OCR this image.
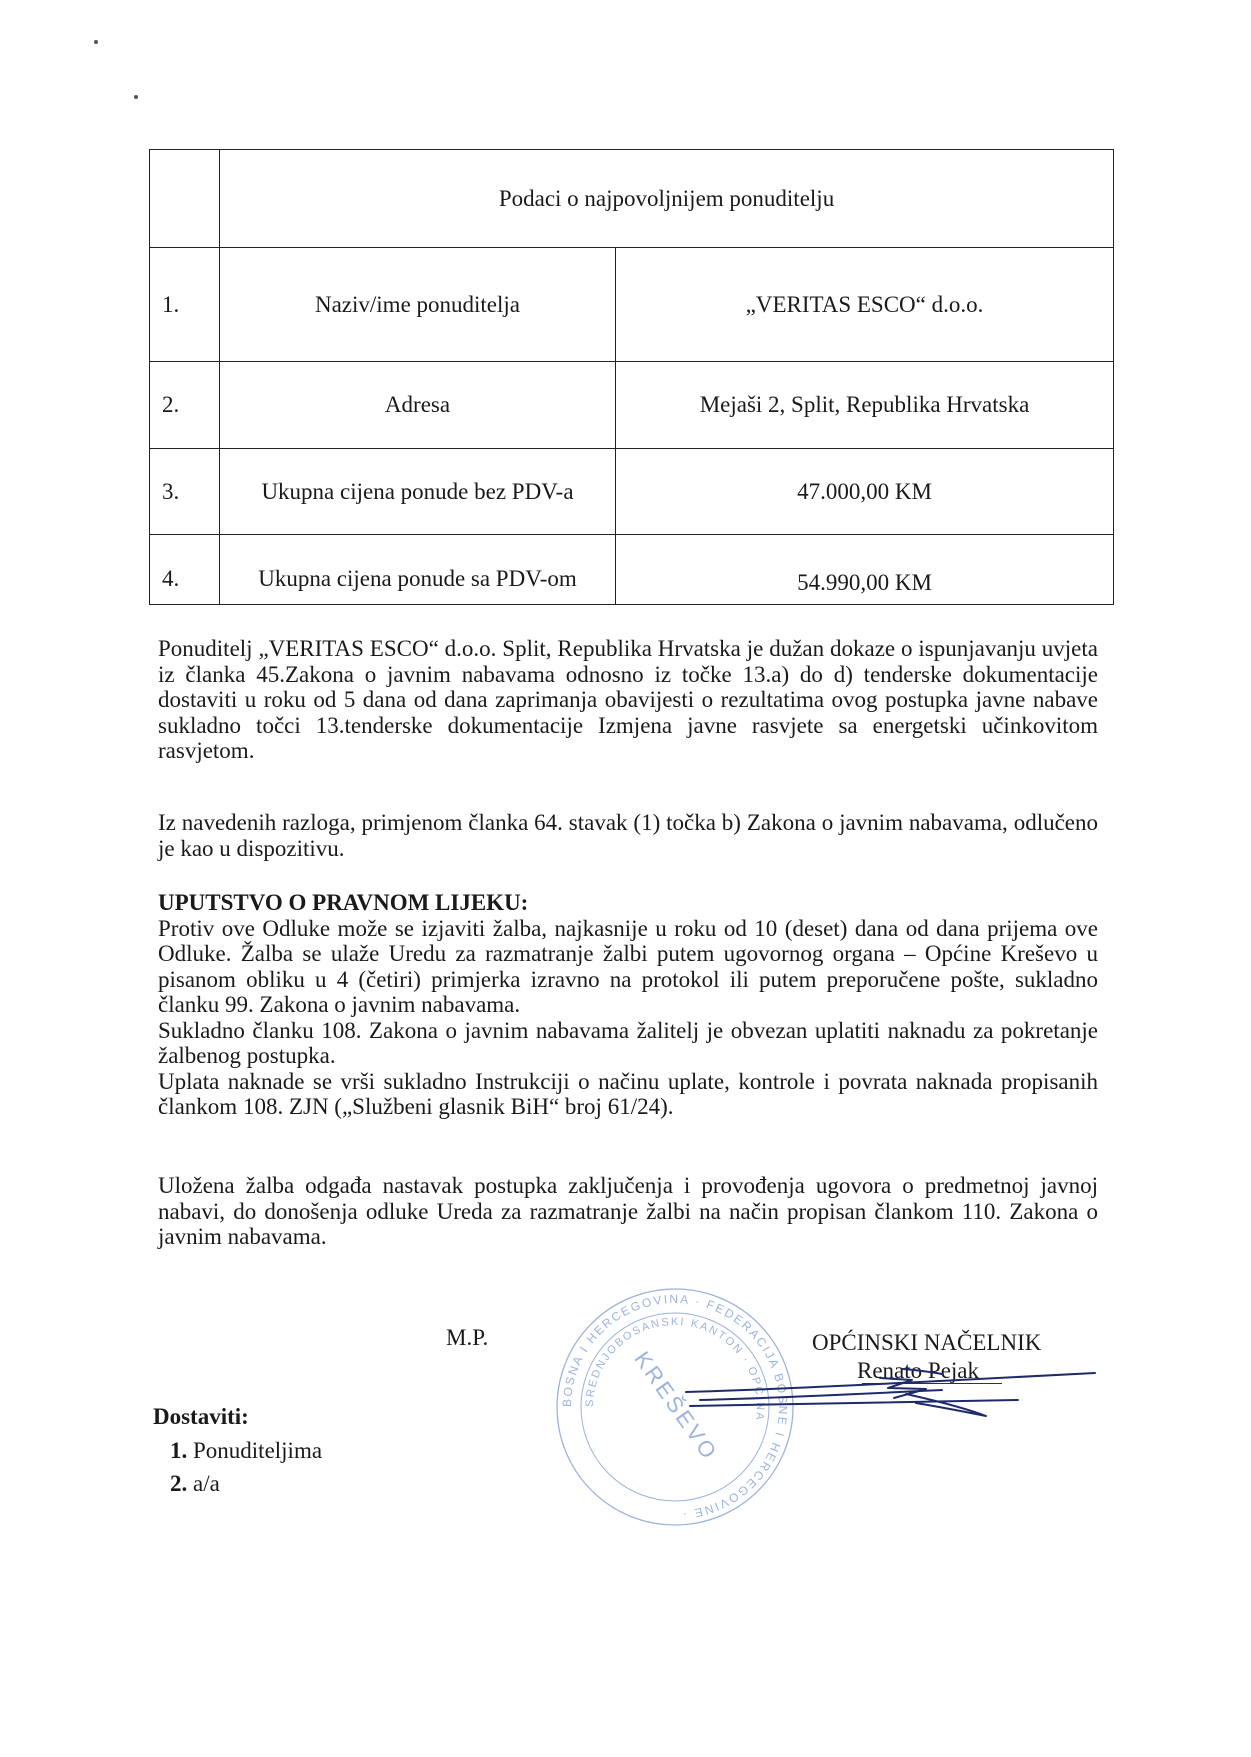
	Podaci o najpovoljnijem ponuditelju	
1.	Naziv/ime ponuditelja	„VERITAS ESCO“ d.o.o.
2.	Adresa	Mejaši 2, Split, Republika Hrvatska
3.	Ukupna cijena ponude bez PDV-a	47.000,00 KM
4.	Ukupna cijena ponude sa PDV-om	54.990,00 KM

Ponuditelj „VERITAS ESCO“ d.o.o. Split, Republika Hrvatska je dužan dokaze o ispunjavanju uvjeta iz članka 45.Zakona o javnim nabavama odnosno iz točke 13.a) do d) tenderske dokumentacije dostaviti u roku od 5 dana od dana zaprimanja obavijesti o rezultatima ovog postupka javne nabave sukladno točci 13.tenderske dokumentacije Izmjena javne rasvjete sa energetski učinkovitom rasvjetom.

Iz navedenih razloga, primjenom članka 64. stavak (1) točka b) Zakona o javnim nabavama, odlučeno je kao u dispozitivu.

UPUTSTVO O PRAVNOM LIJEKU:

Protiv ove Odluke može se izjaviti žalba, najkasnije u roku od 10 (deset) dana od dana prijema ove Odluke. Žalba se ulaže Uredu za razmatranje žalbi putem ugovornog organa – Općine Kreševo u pisanom obliku u 4 (četiri) primjerka izravno na protokol ili putem preporučene pošte, sukladno članku 99. Zakona o javnim nabavama.

Sukladno članku 108. Zakona o javnim nabavama žalitelj je obvezan uplatiti naknadu za pokretanje žalbenog postupka.

Uplata naknade se vrši sukladno Instrukciji o načinu uplate, kontrole i povrata naknada propisanih člankom 108. ZJN („Službeni glasnik BiH“ broj 61/24).

Uložena žalba odgađa nastavak postupka zaključenja i provođenja ugovora o predmetnoj javnoj nabavi, do donošenja odluke Ureda za razmatranje žalbi na način propisan člankom 110. Zakona o javnim nabavama.

BOSNA I HERCEGOVINA · FEDERACIJA BOSNE I HERCEGOVINE ·
SREDNJOBOSANSKI KANTON · OPĆINA
KREŠEVO
M.P.	OPĆINSKI NAČELNIK
Renato Pejak
Dostaviti:
1. Ponuditeljima
2. a/a
